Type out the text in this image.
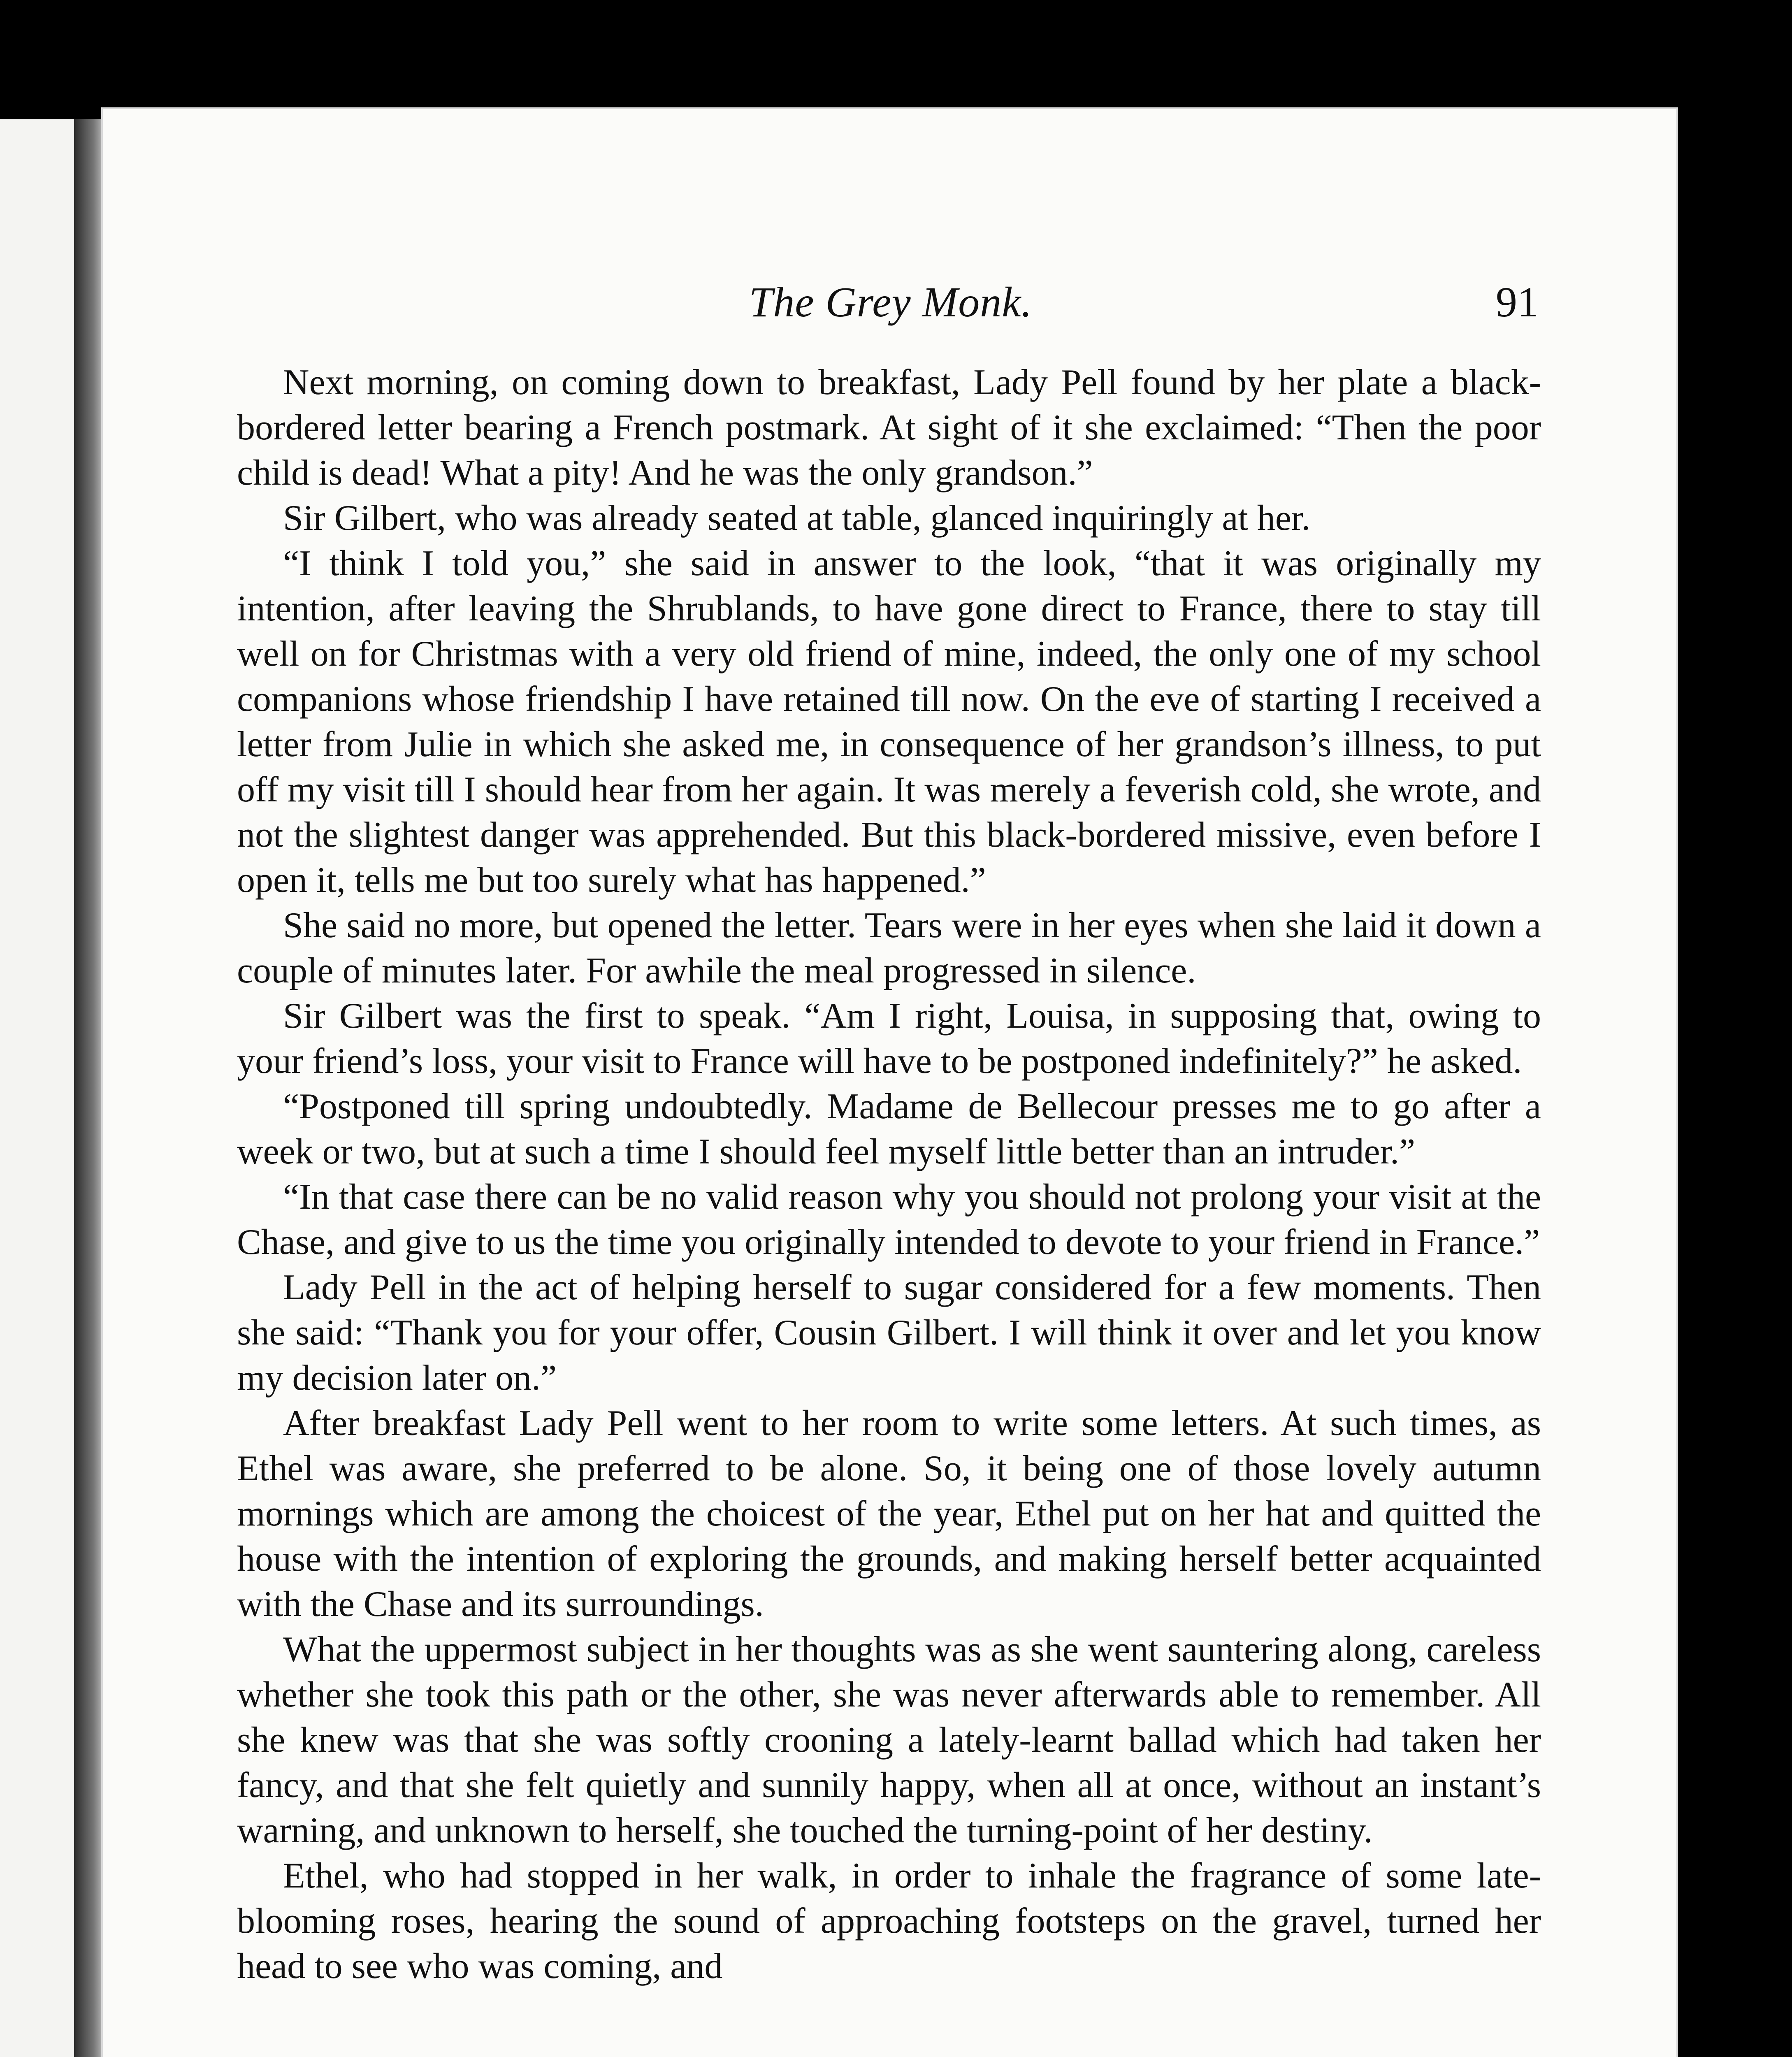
The Grey Monk.	91

Next morning, on coming down to breakfast, Lady Pell found by her plate a black-bordered letter bearing a French postmark. At sight of it she exclaimed: “Then the poor child is dead! What a pity! And he was the only grandson.”

Sir Gilbert, who was already seated at table, glanced inquiringly at her.

“I think I told you,” she said in answer to the look, “that it was originally my intention, after leaving the Shrublands, to have gone direct to France, there to stay till well on for Christmas with a very old friend of mine, indeed, the only one of my school companions whose friendship I have retained till now. On the eve of starting I received a letter from Julie in which she asked me, in consequence of her grandson’s illness, to put off my visit till I should hear from her again. It was merely a feverish cold, she wrote, and not the slightest danger was apprehended. But this black-bordered missive, even before I open it, tells me but too surely what has happened.”

She said no more, but opened the letter. Tears were in her eyes when she laid it down a couple of minutes later. For awhile the meal progressed in silence.

Sir Gilbert was the first to speak. “Am I right, Louisa, in supposing that, owing to your friend’s loss, your visit to France will have to be postponed indefinitely?” he asked.

“Postponed till spring undoubtedly. Madame de Bellecour presses me to go after a week or two, but at such a time I should feel myself little better than an intruder.”

“In that case there can be no valid reason why you should not prolong your visit at the Chase, and give to us the time you originally intended to devote to your friend in France.”

Lady Pell in the act of helping herself to sugar considered for a few moments. Then she said: “Thank you for your offer, Cousin Gilbert. I will think it over and let you know my decision later on.”

After breakfast Lady Pell went to her room to write some letters. At such times, as Ethel was aware, she preferred to be alone. So, it being one of those lovely autumn mornings which are among the choicest of the year, Ethel put on her hat and quitted the house with the intention of exploring the grounds, and making herself better acquainted with the Chase and its surroundings.

What the uppermost subject in her thoughts was as she went sauntering along, careless whether she took this path or the other, she was never afterwards able to remember. All she knew was that she was softly crooning a lately-learnt ballad which had taken her fancy, and that she felt quietly and sunnily happy, when all at once, without an instant’s warning, and unknown to herself, she touched the turning-point of her destiny.

Ethel, who had stopped in her walk, in order to inhale the fragrance of some late-blooming roses, hearing the sound of approaching footsteps on the gravel, turned her head to see who was coming, and
